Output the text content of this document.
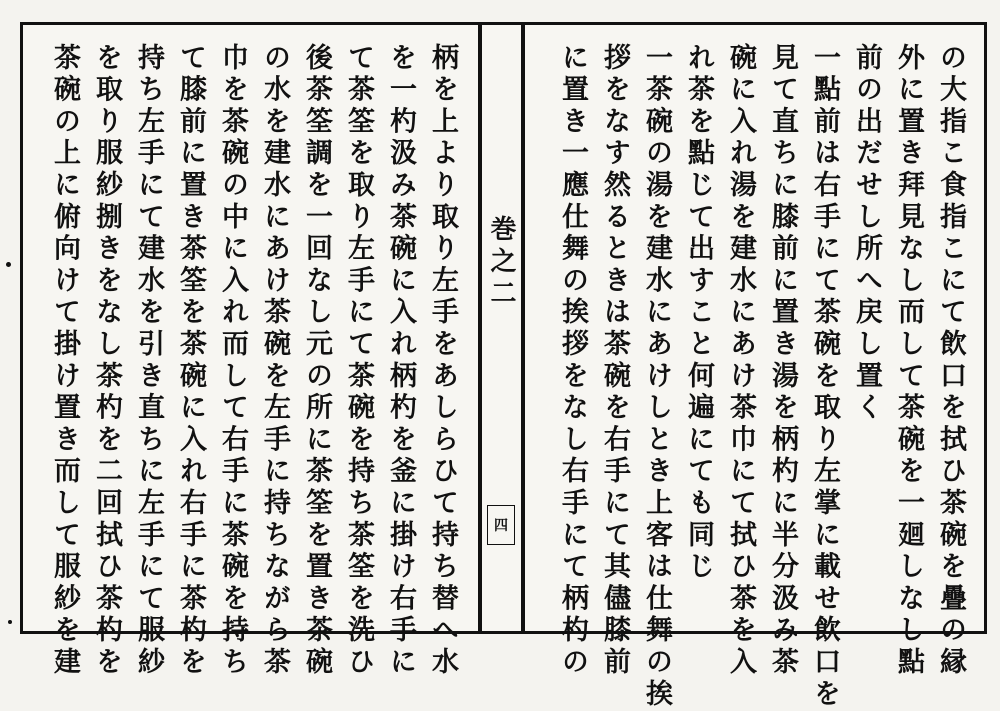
の大指こ食指こにて飲口を拭ひ茶碗を疊の縁
外に置き拜見なし而して茶碗を一廻しなし點
前の出だせし所へ戻し置く
一點前は右手にて茶碗を取り左掌に載せ飲口を
見て直ちに膝前に置き湯を柄杓に半分汲み茶
碗に入れ湯を建水にあけ茶巾にて拭ひ茶を入
れ茶を點じて出すこと何遍にても同じ
一茶碗の湯を建水にあけしとき上客は仕舞の挨
拶をなす然るときは茶碗を右手にて其儘膝前
に置き一應仕舞の挨拶をなし右手にて柄杓の
巻之二
四
柄を上より取り左手をあしらひて持ち替へ水
を一杓汲み茶碗に入れ柄杓を釜に掛け右手に
て茶筌を取り左手にて茶碗を持ち茶筌を洗ひ
後茶筌調を一回なし元の所に茶筌を置き茶碗
の水を建水にあけ茶碗を左手に持ちながら茶
巾を茶碗の中に入れ而して右手に茶碗を持ち
て膝前に置き茶筌を茶碗に入れ右手に茶杓を
持ち左手にて建水を引き直ちに左手にて服紗
を取り服紗捌きをなし茶杓を二回拭ひ茶杓を
茶碗の上に俯向けて掛け置き而して服紗を建
